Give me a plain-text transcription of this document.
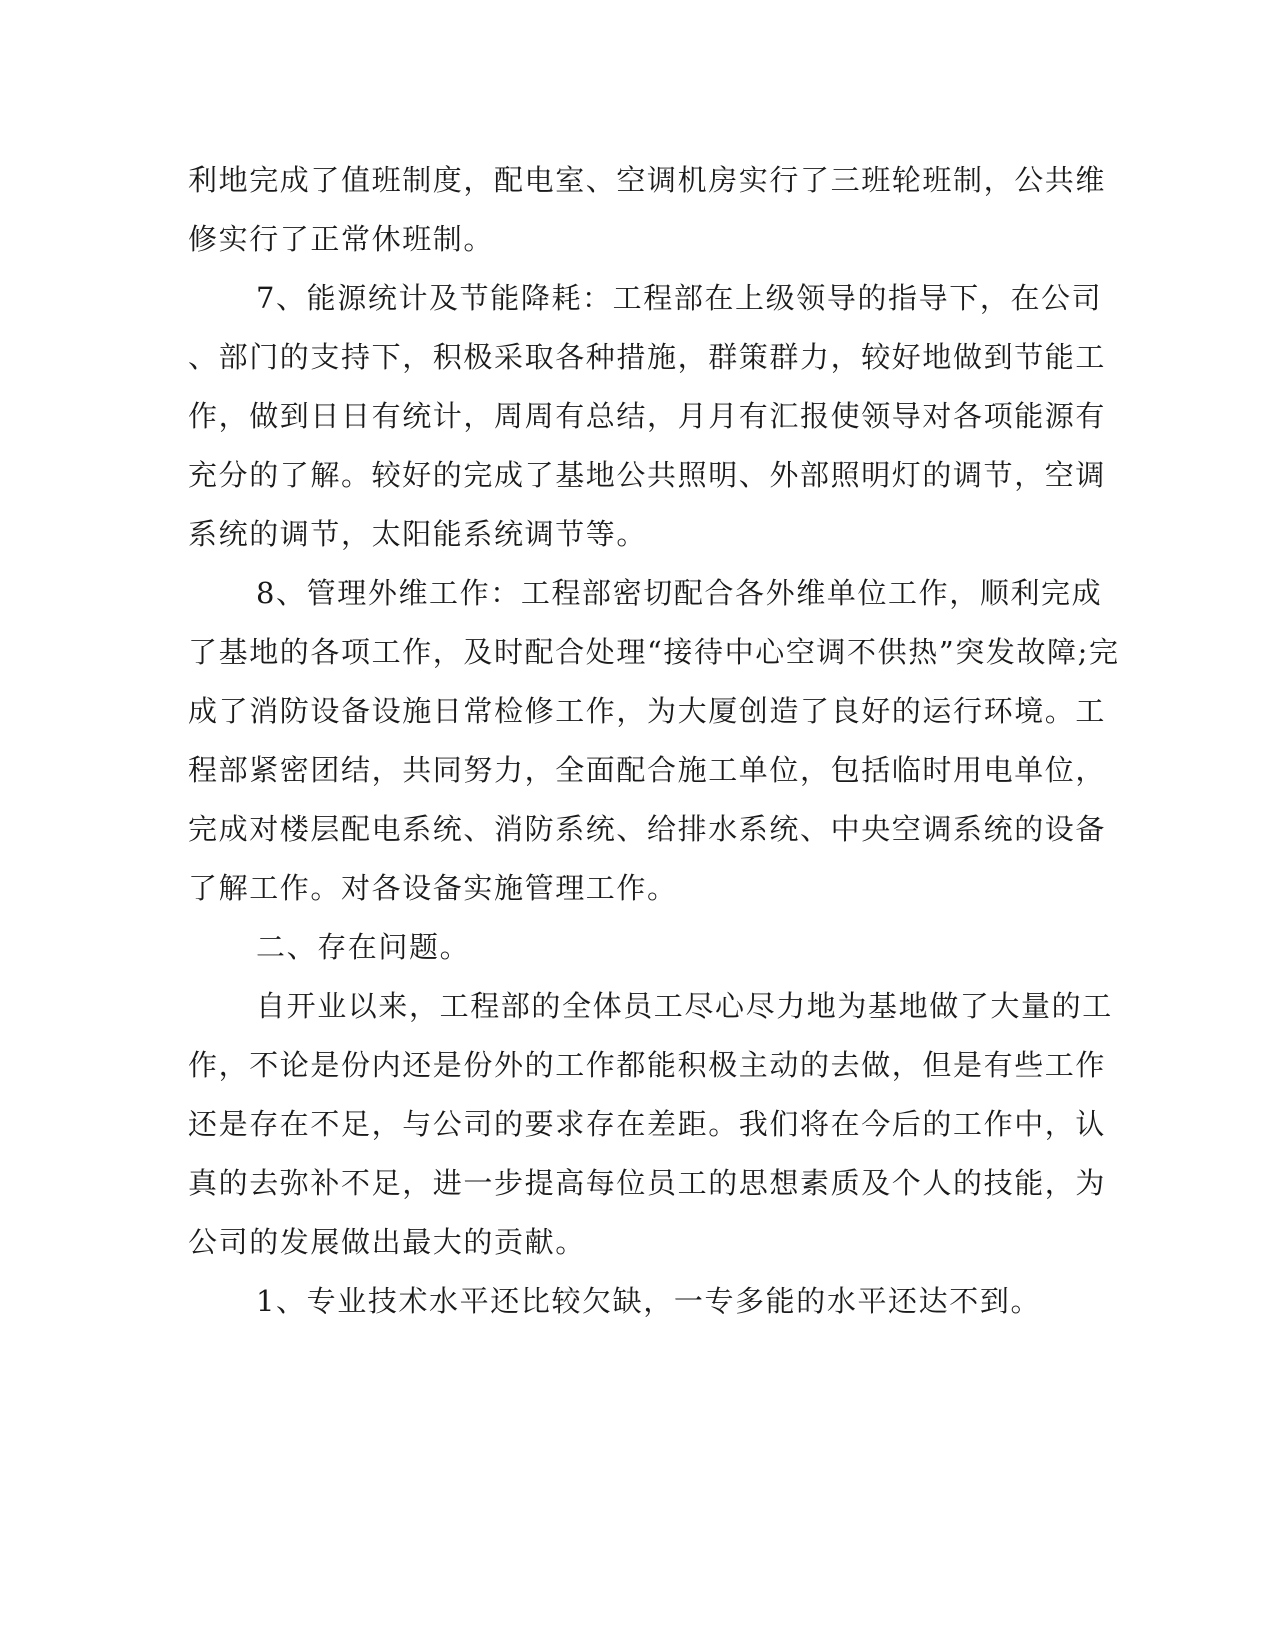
利地完成了值班制度，配电室、空调机房实行了三班轮班制，公共维
修实行了正常休班制。
7、能源统计及节能降耗：工程部在上级领导的指导下，在公司
、部门的支持下，积极采取各种措施，群策群力，较好地做到节能工
作，做到日日有统计，周周有总结，月月有汇报使领导对各项能源有
充分的了解。较好的完成了基地公共照明、外部照明灯的调节，空调
系统的调节，太阳能系统调节等。
8、管理外维工作：工程部密切配合各外维单位工作，顺利完成
了基地的各项工作，及时配合处理“接待中心空调不供热”突发故障;完
成了消防设备设施日常检修工作，为大厦创造了良好的运行环境。工
程部紧密团结，共同努力，全面配合施工单位，包括临时用电单位，
完成对楼层配电系统、消防系统、给排水系统、中央空调系统的设备
了解工作。对各设备实施管理工作。
二、存在问题。
自开业以来，工程部的全体员工尽心尽力地为基地做了大量的工
作，不论是份内还是份外的工作都能积极主动的去做，但是有些工作
还是存在不足，与公司的要求存在差距。我们将在今后的工作中，认
真的去弥补不足，进一步提高每位员工的思想素质及个人的技能，为
公司的发展做出最大的贡献。
1、专业技术水平还比较欠缺，一专多能的水平还达不到。
